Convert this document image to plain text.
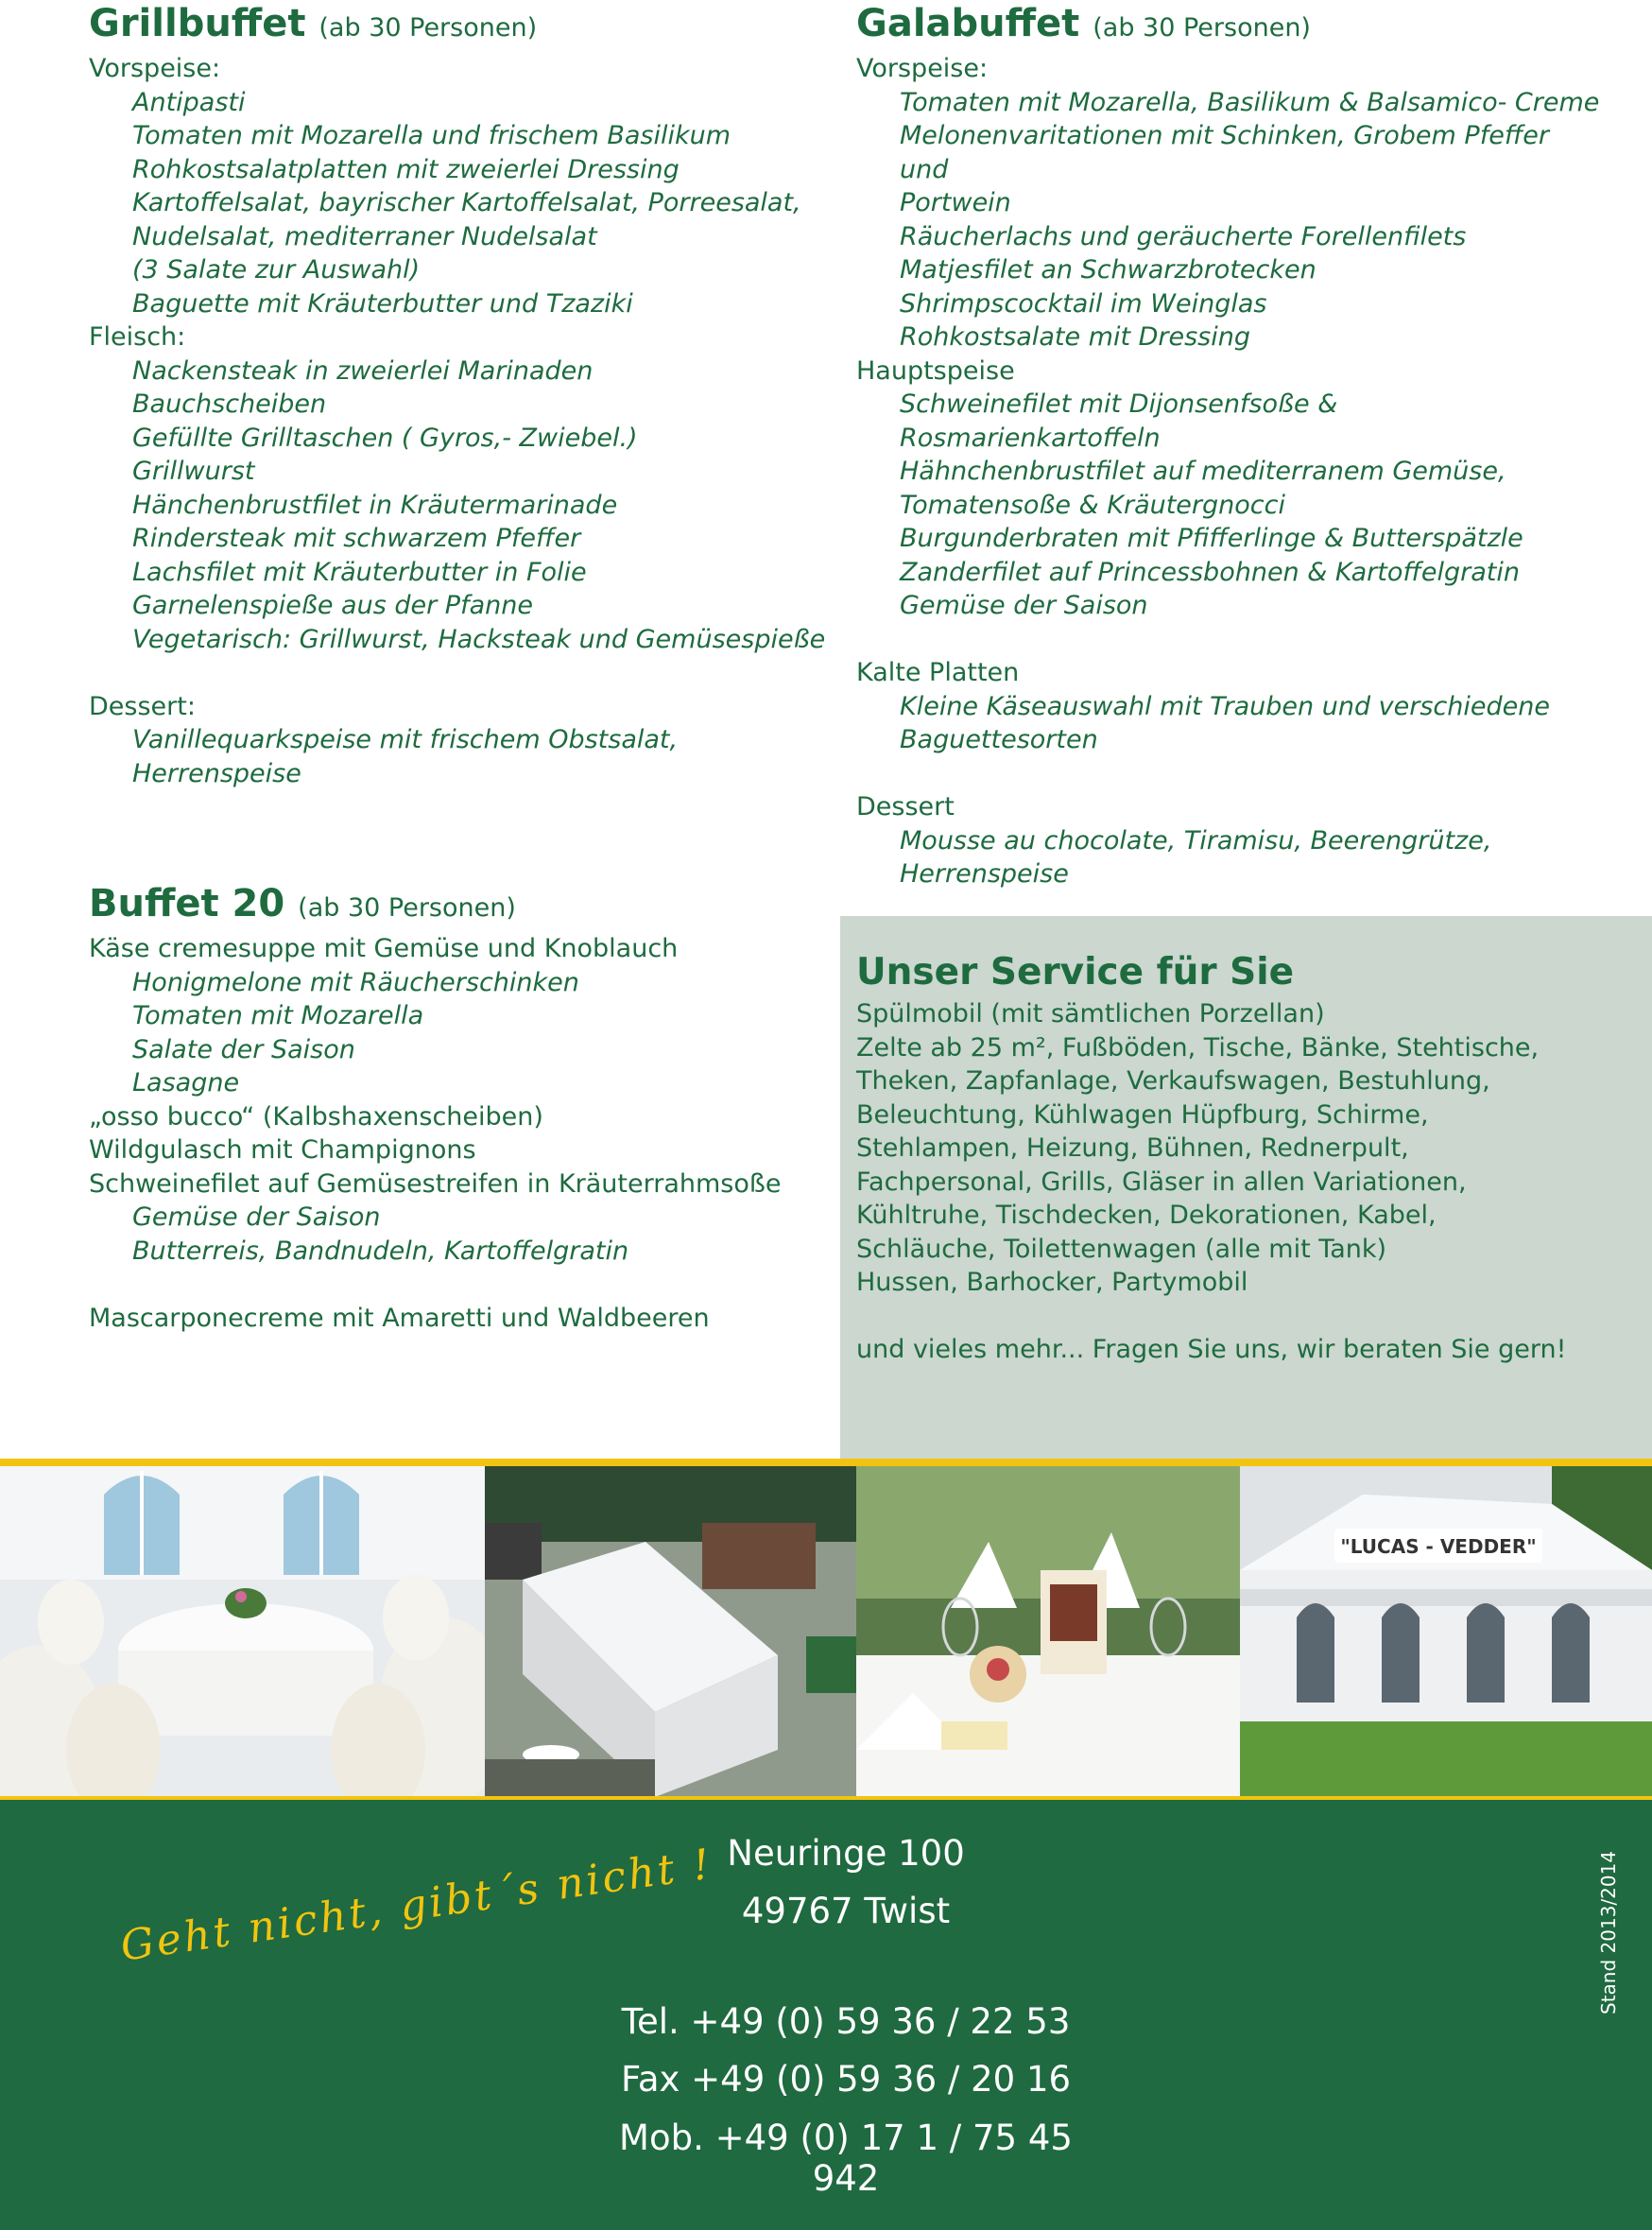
Grillbuffet (ab 30 Personen)
Vorspeise:
Antipasti
Tomaten mit Mozarella und frischem Basilikum
Rohkostsalatplatten mit zweierlei Dressing
Kartoffelsalat, bayrischer Kartoffelsalat, Porreesalat,
Nudelsalat, mediterraner Nudelsalat
(3 Salate zur Auswahl)
Baguette mit Kräuterbutter und Tzaziki
Fleisch:
Nackensteak in zweierlei Marinaden
Bauchscheiben
Gefüllte Grilltaschen ( Gyros,- Zwiebel.)
Grillwurst
Hänchenbrustfilet in Kräutermarinade
Rindersteak mit schwarzem Pfeffer
Lachsfilet mit Kräuterbutter in Folie
Garnelenspieße aus der Pfanne
Vegetarisch: Grillwurst, Hacksteak und Gemüsespieße
Dessert:
Vanillequarkspeise mit frischem Obstsalat, Herrenspeise
Galabuffet (ab 30 Personen)
Vorspeise:
Tomaten mit Mozarella, Basilikum & Balsamico- Creme
Melonenvaritationen mit Schinken, Grobem Pfeffer und
Portwein
Räucherlachs und geräucherte Forellenfilets
Matjesfilet an Schwarzbrotecken
Shrimpscocktail im Weinglas
Rohkostsalate mit Dressing
Hauptspeise
Schweinefilet mit Dijonsenfsoße & Rosmarienkartoffeln
Hähnchenbrustfilet auf mediterranem Gemüse,
Tomatensoße & Kräutergnocci
Burgunderbraten mit Pfifferlinge & Butterspätzle
Zanderfilet auf Princessbohnen & Kartoffelgratin
Gemüse der Saison
Kalte Platten
Kleine Käseauswahl mit Trauben und verschiedene
Baguettesorten
Dessert
Mousse au chocolate, Tiramisu, Beerengrütze,
Herrenspeise
Buffet 20 (ab 30 Personen)
Käse cremesuppe mit Gemüse und Knoblauch
Honigmelone mit Räucherschinken
Tomaten mit Mozarella
Salate der Saison
Lasagne
„osso bucco“ (Kalbshaxenscheiben)
Wildgulasch mit Champignons
Schweinefilet auf Gemüsestreifen in Kräuterrahmsoße
Gemüse der Saison
Butterreis, Bandnudeln, Kartoffelgratin
Mascarponecreme mit Amaretti und Waldbeeren
Unser Service für Sie
Spülmobil (mit sämtlichen Porzellan)
Zelte ab 25 m², Fußböden, Tische, Bänke, Stehtische,
Theken, Zapfanlage, Verkaufswagen, Bestuhlung,
Beleuchtung, Kühlwagen Hüpfburg, Schirme,
Stehlampen, Heizung, Bühnen, Rednerpult,
Fachpersonal, Grills, Gläser in allen Variationen,
Kühltruhe, Tischdecken, Dekorationen, Kabel,
Schläuche, Toilettenwagen (alle mit Tank)
Hussen, Barhocker, Partymobil
und vieles mehr... Fragen Sie uns, wir beraten Sie gern!
"LUCAS - VEDDER"
Geht nicht, gibt´s nicht ! Neuringe 100
49767 Twist
Tel. +49 (0) 59 36 / 22 53
Fax +49 (0) 59 36 / 20 16
Mob. +49 (0) 17 1 / 75 45 942
Stand 2013/2014
